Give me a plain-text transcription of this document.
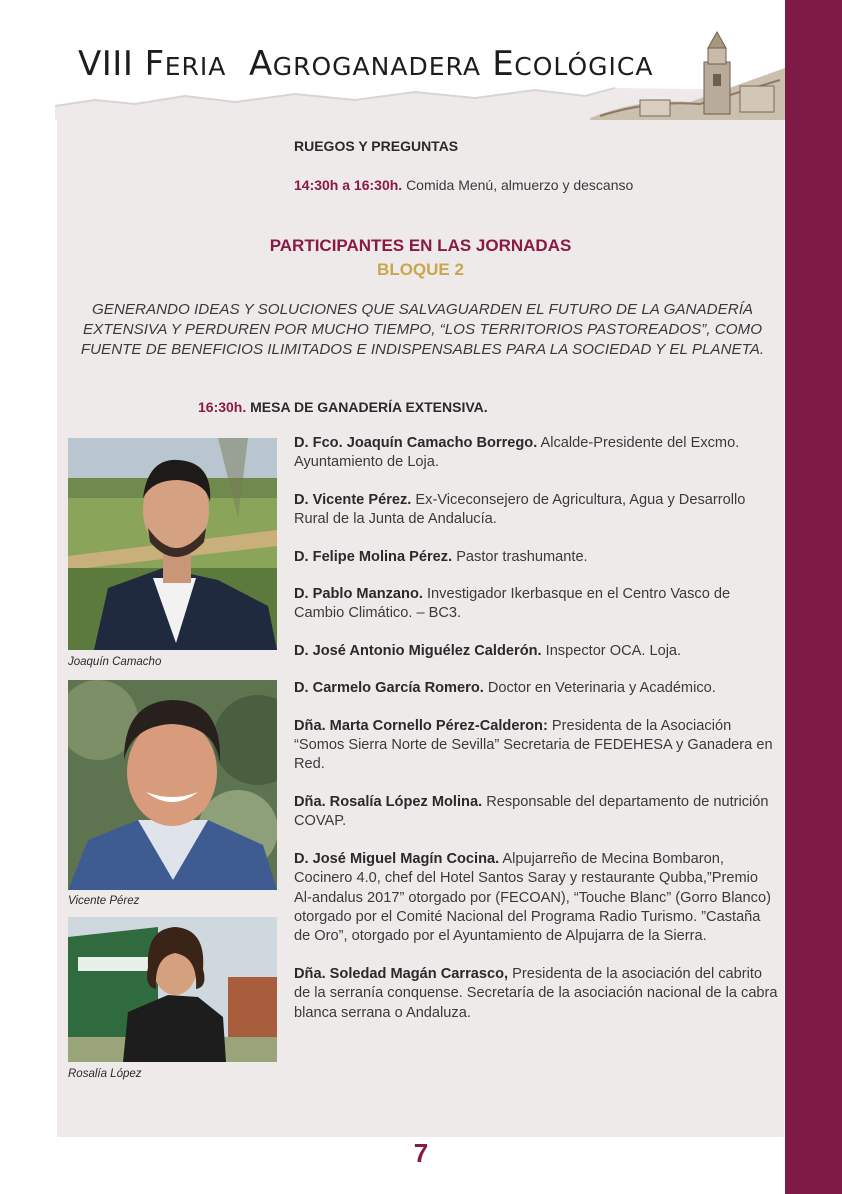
VIII FERIA AGROGANADERA ECOLÓGICA
RUEGOS Y PREGUNTAS
14:30h a 16:30h. Comida Menú, almuerzo y descanso
PARTICIPANTES EN LAS JORNADAS
BLOQUE 2
GENERANDO IDEAS Y SOLUCIONES QUE SALVAGUARDEN EL FUTURO DE LA GANADERÍA EXTENSIVA Y PERDUREN POR MUCHO TIEMPO, “LOS TERRITORIOS PASTOREADOS”, COMO FUENTE DE BENEFICIOS ILIMITADOS E INDISPENSABLES PARA LA SOCIEDAD Y EL PLANETA.
16:30h. MESA DE GANADERÍA EXTENSIVA.
Joaquín Camacho
Vicente Pérez
Rosalía López
D. Fco. Joaquín Camacho Borrego. Alcalde-Presidente del Excmo. Ayuntamiento de Loja.
D. Vicente Pérez. Ex-Viceconsejero de Agricultura, Agua y Desarrollo Rural de la Junta de Andalucía.
D. Felipe Molina Pérez. Pastor trashumante.
D. Pablo Manzano. Investigador Ikerbasque en el Centro Vasco de Cambio Climático. – BC3.
D. José Antonio Miguélez Calderón. Inspector OCA. Loja.
D. Carmelo García Romero. Doctor en Veterinaria y Académico.
Dña. Marta Cornello Pérez-Calderon: Presidenta de la Asociación “Somos Sierra Norte de Sevilla” Secretaria de FEDEHESA y Ganadera en Red.
Dña. Rosalía López Molina. Responsable del departamento de nutrición COVAP.
D. José Miguel Magín Cocina. Alpujarreño de Mecina Bombaron, Cocinero 4.0, chef del Hotel Santos Saray y restaurante Qubba,”Premio Al-andalus 2017” otorgado por (FECOAN), “Touche Blanc” (Gorro Blanco) otorgado por el Comité Nacional del Programa Radio Turismo. ”Castaña de Oro”, otorgado por el Ayuntamiento de Alpujarra de la Sierra.
Dña. Soledad Magán Carrasco, Presidenta de la asociación del cabrito de la serranía conquense. Secretaría de la asociación nacional de la cabra blanca serrana o Andaluza.
7
